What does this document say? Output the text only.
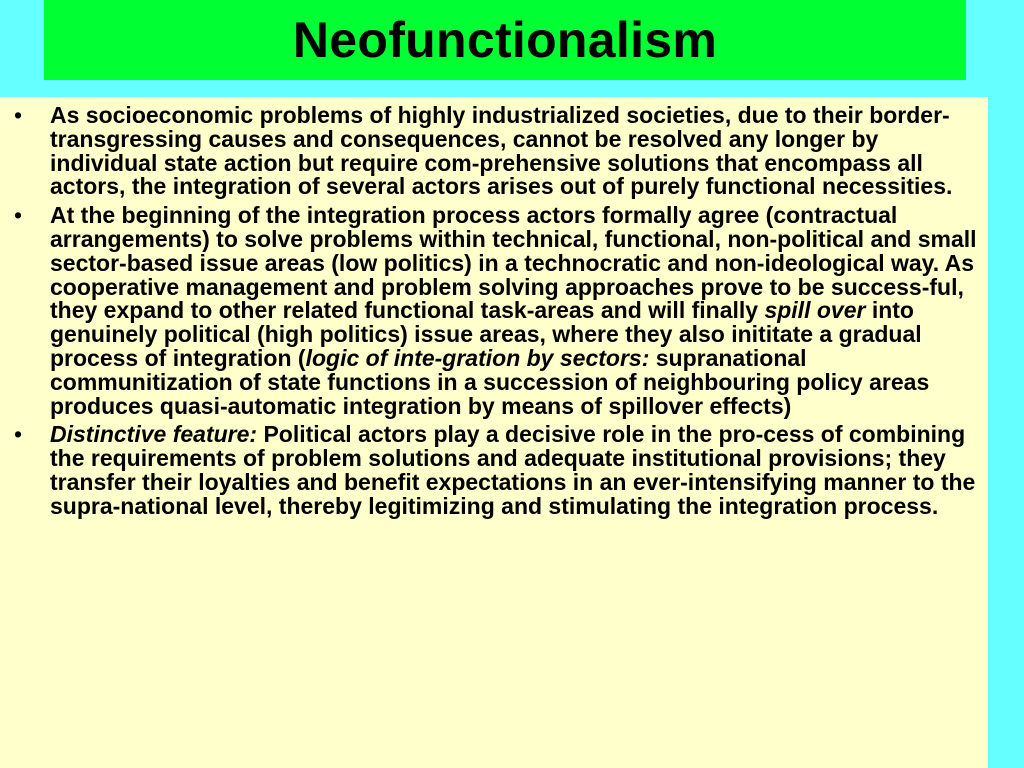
Neofunctionalism
•	As socioeconomic problems of highly industrialized societies, due to their border-transgressing causes and consequences, cannot be resolved any longer by individual state action but require com-prehensive solutions that encompass all actors, the integration of several actors arises out of purely functional necessities.
•	At the beginning of the integration process actors formally agree (contractual arrangements) to solve problems within technical, functional, non-political and small sector-based issue areas (low politics) in a technocratic and non-ideological way. As cooperative management and problem solving approaches prove to be success-ful, they expand to other related functional task-areas and will finally spill over into genuinely political (high politics) issue areas, where they also inititate a gradual process of integration (logic of inte-gration by sectors: supranational communitization of state functions in a succession of neighbouring policy areas produces quasi-automatic integration by means of spillover effects)
•	Distinctive feature: Political actors play a decisive role in the pro-cess of combining the requirements of problem solutions and adequate institutional provisions; they transfer their loyalties and benefit expectations in an ever-intensifying manner to the supra-national level, thereby legitimizing and stimulating the integration process.
